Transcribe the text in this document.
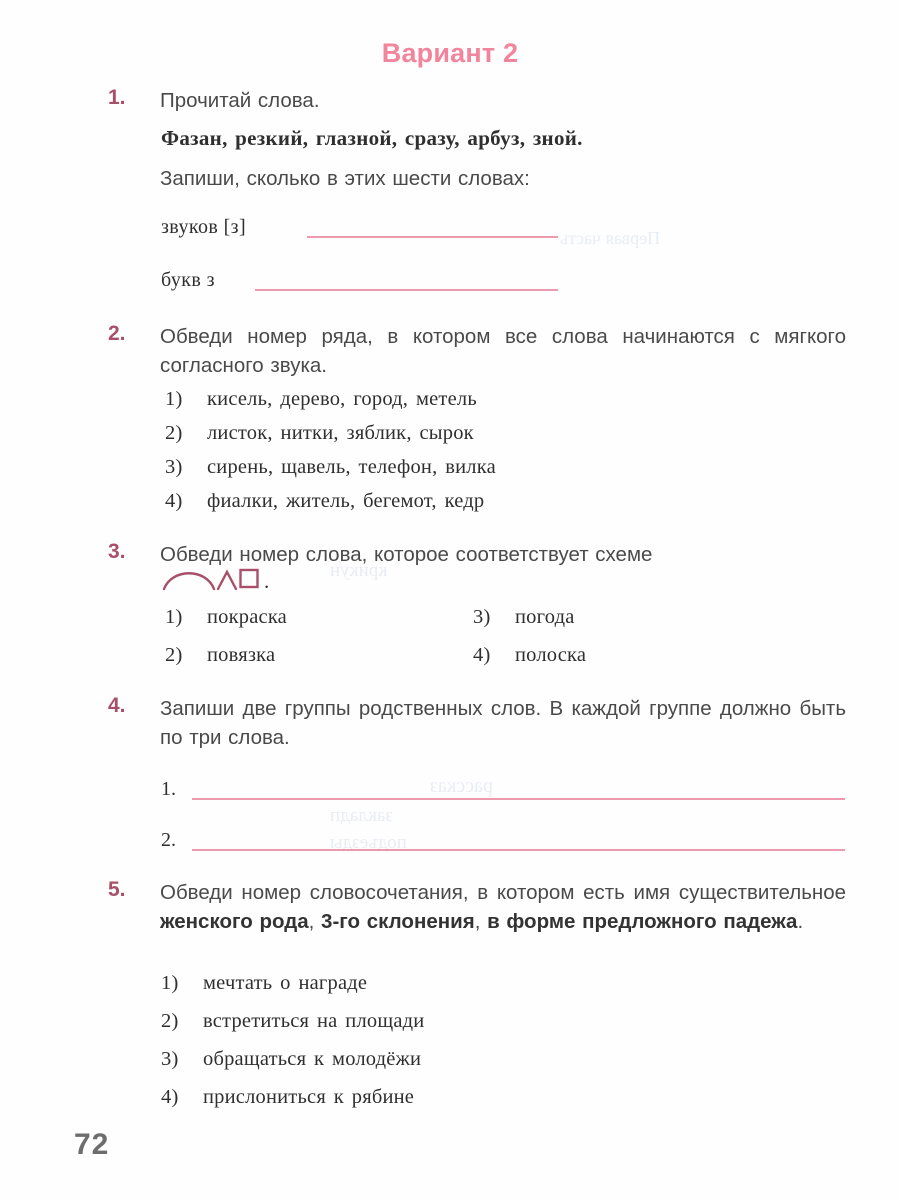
рассказ
закладп
подъезды
крикун
Первая часть
Вариант 2
1.	Прочитай слова.
Фазан, резкий, глазной, сразу, арбуз, зной.
Запиши, сколько в этих шести словах:
звуков [з]
букв з
2.	Обведи номер ряда, в котором все слова начинаются с мягкого согласного звука.
1) кисель, дерево, город, метель
2) листок, нитки, зяблик, сырок
3) сирень, щавель, телефон, вилка
4) фиалки, житель, бегемот, кедр
3.	Обведи номер слова, которое соответствует схеме
.
1) покраска
2) повязка
3) погода
4) полоска
4.	Запиши две группы родственных слов. В каждой группе должно быть по три слова.
1.
2.
5.	Обведи номер словосочетания, в котором есть имя существительное женского рода, 3-го склонения, в форме предложного падежа.
1) мечтать о награде
2) встретиться на площади
3) обращаться к молодёжи
4) прислониться к рябине
72
